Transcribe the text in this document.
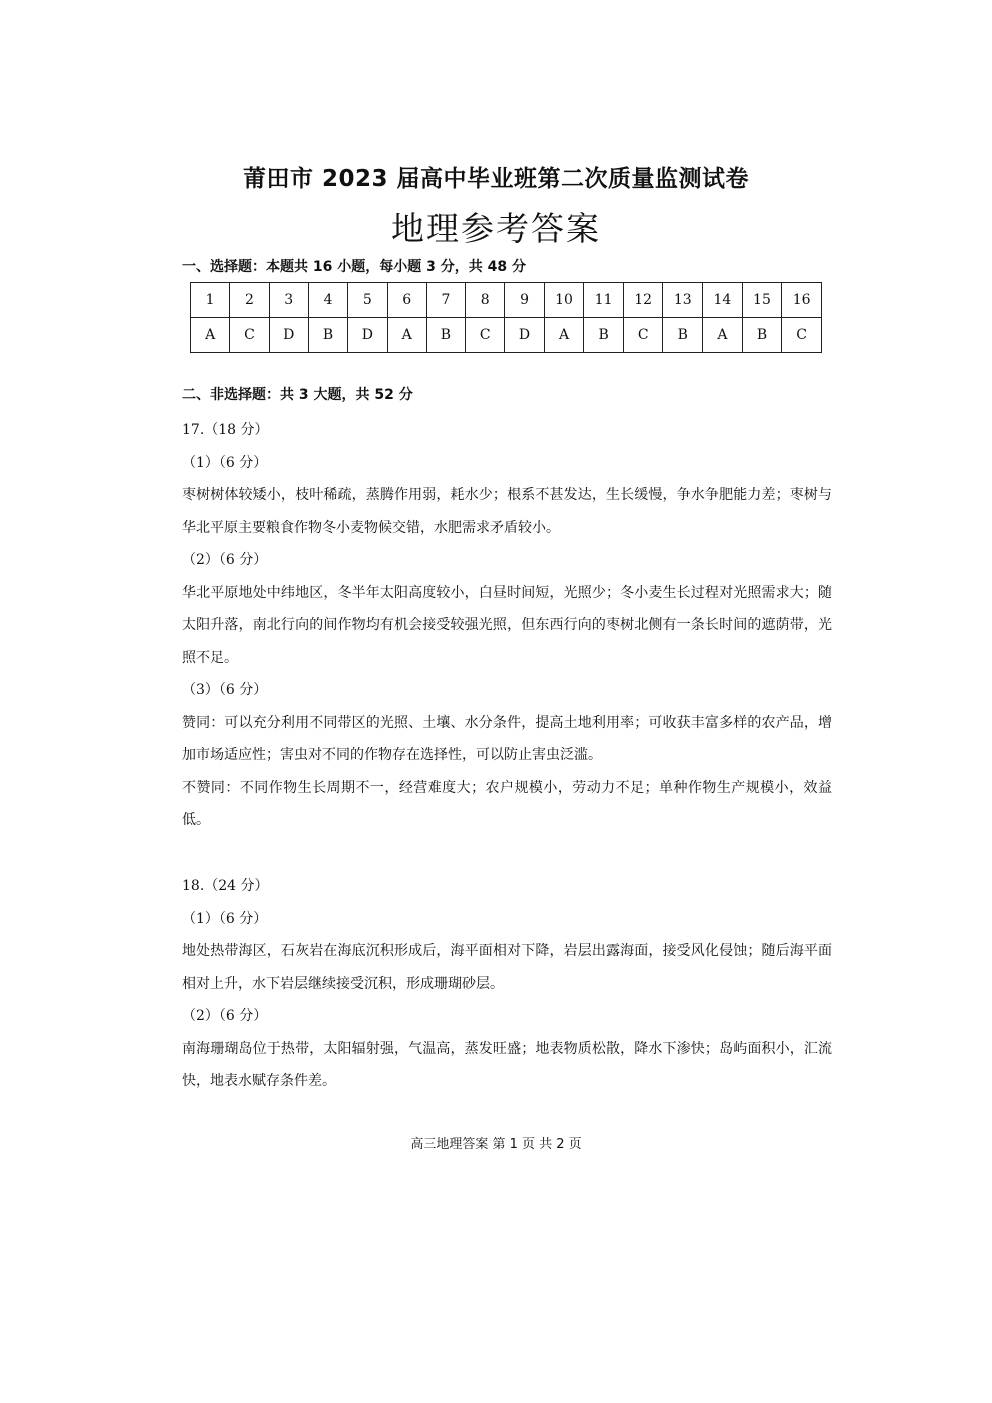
莆田市 2023 届高中毕业班第二次质量监测试卷
地理参考答案
一、选择题：本题共 16 小题，每小题 3 分，共 48 分
1	2	3	4	5	6	7	8	9	10	11	12	13	14	15	16
A	C	D	B	D	A	B	C	D	A	B	C	B	A	B	C
二、非选择题：共 3 大题，共 52 分

17.（18 分）

（1）（6 分）

枣树树体较矮小，枝叶稀疏，蒸腾作用弱，耗水少；根系不甚发达，生长缓慢，争水争肥能力差；枣树与华北平原主要粮食作物冬小麦物候交错，水肥需求矛盾较小。

（2）（6 分）

华北平原地处中纬地区，冬半年太阳高度较小，白昼时间短，光照少；冬小麦生长过程对光照需求大；随太阳升落，南北行向的间作物均有机会接受较强光照，但东西行向的枣树北侧有一条长时间的遮荫带，光照不足。

（3）（6 分）

赞同：可以充分利用不同带区的光照、土壤、水分条件，提高土地利用率；可收获丰富多样的农产品，增加市场适应性；害虫对不同的作物存在选择性，可以防止害虫泛滥。

不赞同：不同作物生长周期不一，经营难度大；农户规模小，劳动力不足；单种作物生产规模小，效益低。

18.（24 分）

（1）（6 分）

地处热带海区，石灰岩在海底沉积形成后，海平面相对下降，岩层出露海面，接受风化侵蚀；随后海平面相对上升，水下岩层继续接受沉积，形成珊瑚砂层。

（2）（6 分）

南海珊瑚岛位于热带，太阳辐射强，气温高，蒸发旺盛；地表物质松散，降水下渗快；岛屿面积小，汇流快，地表水赋存条件差。

高三地理答案 第 1 页 共 2 页
